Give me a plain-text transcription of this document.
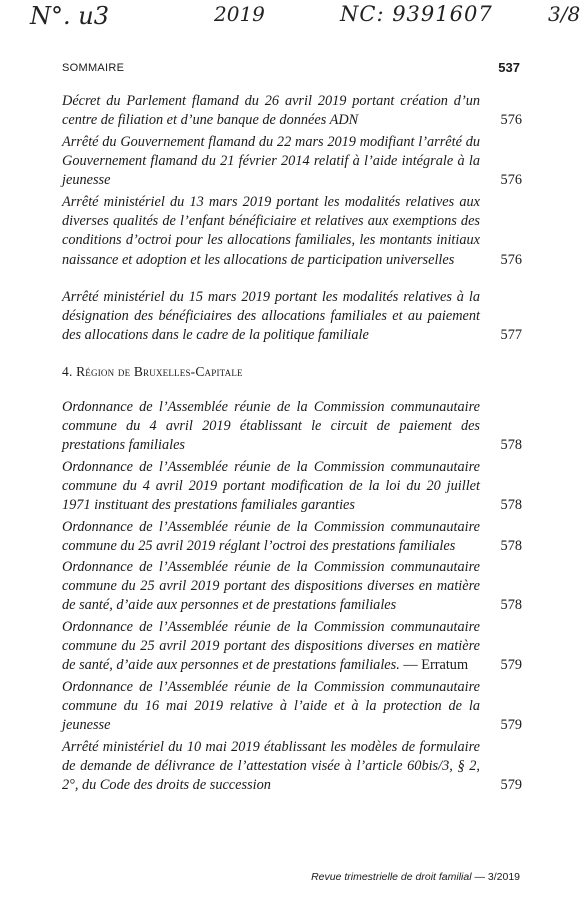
N°. u3	2019	NC: 9391607	3/8
SOMMAIRE	537
Décret du Parlement flamand du 26 avril 2019 portant création d’un centre de filiation et d’une banque de données ADN	576
Arrêté du Gouvernement flamand du 22 mars 2019 modifiant l’arrêté du Gouvernement flamand du 21 février 2014 relatif à l’aide intégrale à la jeunesse	576
Arrêté ministériel du 13 mars 2019 portant les modalités relatives aux diverses qualités de l’enfant bénéficiaire et relatives aux exemptions des conditions d’octroi pour les allocations familiales, les montants initiaux naissance et adoption et les allocations de participation universelles	576
Arrêté ministériel du 15 mars 2019 portant les modalités relatives à la désignation des bénéficiaires des allocations familiales et au paiement des allocations dans le cadre de la politique familiale	577
4. Région de Bruxelles-Capitale
Ordonnance de l’Assemblée réunie de la Commission communautaire commune du 4 avril 2019 établissant le circuit de paiement des prestations familiales	578
Ordonnance de l’Assemblée réunie de la Commission communautaire commune du 4 avril 2019 portant modification de la loi du 20 juillet 1971 instituant des prestations familiales garanties	578
Ordonnance de l’Assemblée réunie de la Commission communautaire commune du 25 avril 2019 réglant l’octroi des prestations familiales	578
Ordonnance de l’Assemblée réunie de la Commission communautaire commune du 25 avril 2019 portant des dispositions diverses en matière de santé, d’aide aux personnes et de prestations familiales	578
Ordonnance de l’Assemblée réunie de la Commission communautaire commune du 25 avril 2019 portant des dispositions diverses en matière de santé, d’aide aux personnes et de prestations familiales. — Erratum	579
Ordonnance de l’Assemblée réunie de la Commission communautaire commune du 16 mai 2019 relative à l’aide et à la protection de la jeunesse	579
Arrêté ministériel du 10 mai 2019 établissant les modèles de formulaire de demande de délivrance de l’attestation visée à l’article 60bis/3, § 2, 2°, du Code des droits de succession	579
Revue trimestrielle de droit familial — 3/2019
